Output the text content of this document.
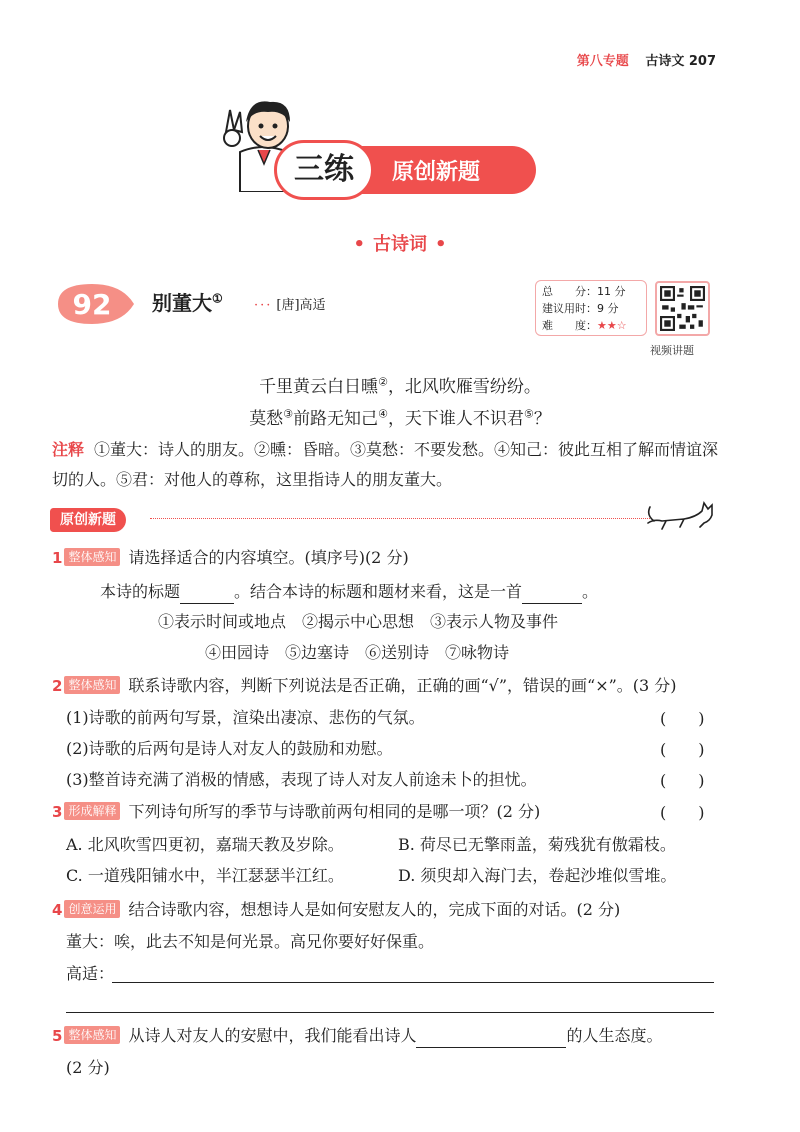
第八专题 古诗文 207
三练	原创新题
• 古诗词 •
92 别董大① ··· [唐]高适
总　　分：11 分
建议用时：9 分
难　　度：★★☆
视频讲题
千里黄云白日曛②，北风吹雁雪纷纷。
莫愁③前路无知己④，天下谁人不识君⑤？
注释 ①董大：诗人的朋友。②曛：昏暗。③莫愁：不要发愁。④知己：彼此互相了解而情谊深切的人。⑤君：对他人的尊称，这里指诗人的朋友董大。
原创新题
1 整体感知 请选择适合的内容填空。(填序号)(2 分)
本诗的标题	。结合本诗的标题和题材来看，这是一首	。
①表示时间或地点　②揭示中心思想　③表示人物及事件
④田园诗　⑤边塞诗　⑥送别诗　⑦咏物诗
2 整体感知 联系诗歌内容，判断下列说法是否正确，正确的画“√”，错误的画“×”。(3 分)
(1)诗歌的前两句写景，渲染出凄凉、悲伤的气氛。	(　　)
(2)诗歌的后两句是诗人对友人的鼓励和劝慰。	(　　)
(3)整首诗充满了消极的情感，表现了诗人对友人前途未卜的担忧。	(　　)
3 形成解释 下列诗句所写的季节与诗歌前两句相同的是哪一项？(2 分)	(　　)
A. 北风吹雪四更初，嘉瑞天教及岁除。	B. 荷尽已无擎雨盖，菊残犹有傲霜枝。
C. 一道残阳铺水中，半江瑟瑟半江红。	D. 须臾却入海门去，卷起沙堆似雪堆。
4 创意运用 结合诗歌内容，想想诗人是如何安慰友人的，完成下面的对话。(2 分)
董大：唉，此去不知是何光景。高兄你要好好保重。
高适：
5 整体感知 从诗人对友人的安慰中，我们能看出诗人	的人生态度。
(2 分)
